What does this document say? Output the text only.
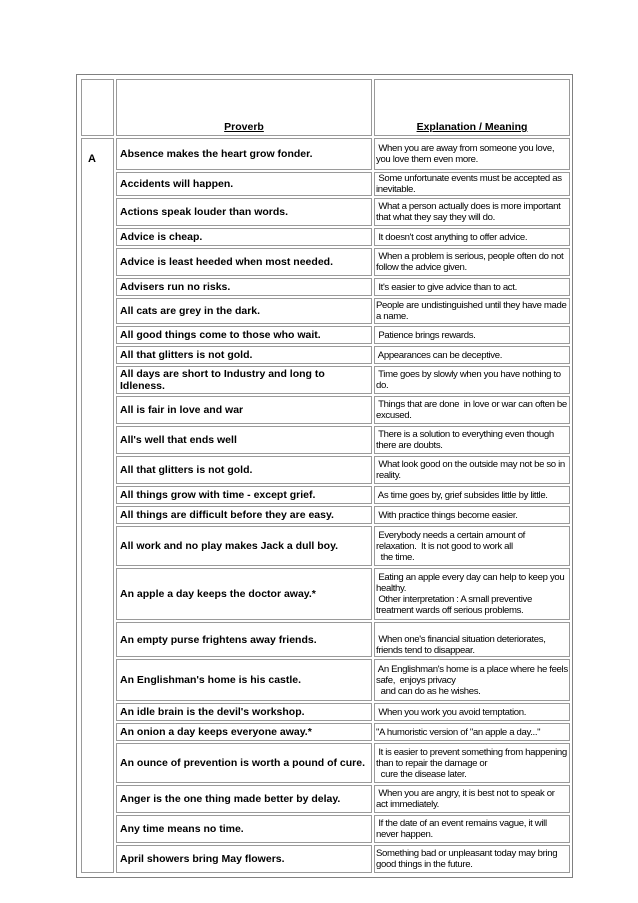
	Proverb	Explanation / Meaning

A	Absence makes the heart grow fonder.	When you are away from someone you love,
you love them even more.

	Accidents will happen.	Some unfortunate events must be accepted as
inevitable.

	Actions speak louder than words.	What a person actually does is more important
that what they say they will do.

	Advice is cheap.	It doesn't cost anything to offer advice.

	Advice is least heeded when most needed.	When a problem is serious, people often do not
follow the advice given.

	Advisers run no risks.	It's easier to give advice than to act.

	All cats are grey in the dark.	People are undistinguished until they have made
a name.

	All good things come to those who wait.	Patience brings rewards.

	All that glitters is not gold.	Appearances can be deceptive.

	All days are short to Industry and long to Idleness.	Time goes by slowly when you have nothing to
do.

	All is fair in love and war	Things that are done  in love or war can often be
excused.

	All's well that ends well	There is a solution to everything even though
there are doubts.

	All that glitters is not gold.	What look good on the outside may not be so in
reality.

	All things grow with time - except grief.	As time goes by, grief subsides little by little.

	All things are difficult before they are easy.	With practice things become easier.

	All work and no play makes Jack a dull boy.	Everybody needs a certain amount of
relaxation.  It is not good to work all
the time.

	An apple a day keeps the doctor away.*	Eating an apple every day can help to keep you
healthy.
Other interpretation : A small preventive
treatment wards off serious problems.

	An empty purse frightens away friends.	When one's financial situation deteriorates,
friends tend to disappear.

	An Englishman's home is his castle.	An Englishman's home is a place where he feels
safe,  enjoys privacy
and can do as he wishes.

	An idle brain is the devil's workshop.	When you work you avoid temptation.

	An onion a day keeps everyone away.*	"A humoristic version of "an apple a day..."

	An ounce of prevention is worth a pound of cure.	It is easier to prevent something from happening
than to repair the damage or
cure the disease later.

	Anger is the one thing made better by delay.	When you are angry, it is best not to speak or
act immediately.

	Any time means no time.	If the date of an event remains vague, it will
never happen.

	April showers bring May flowers.	Something bad or unpleasant today may bring
good things in the future.
